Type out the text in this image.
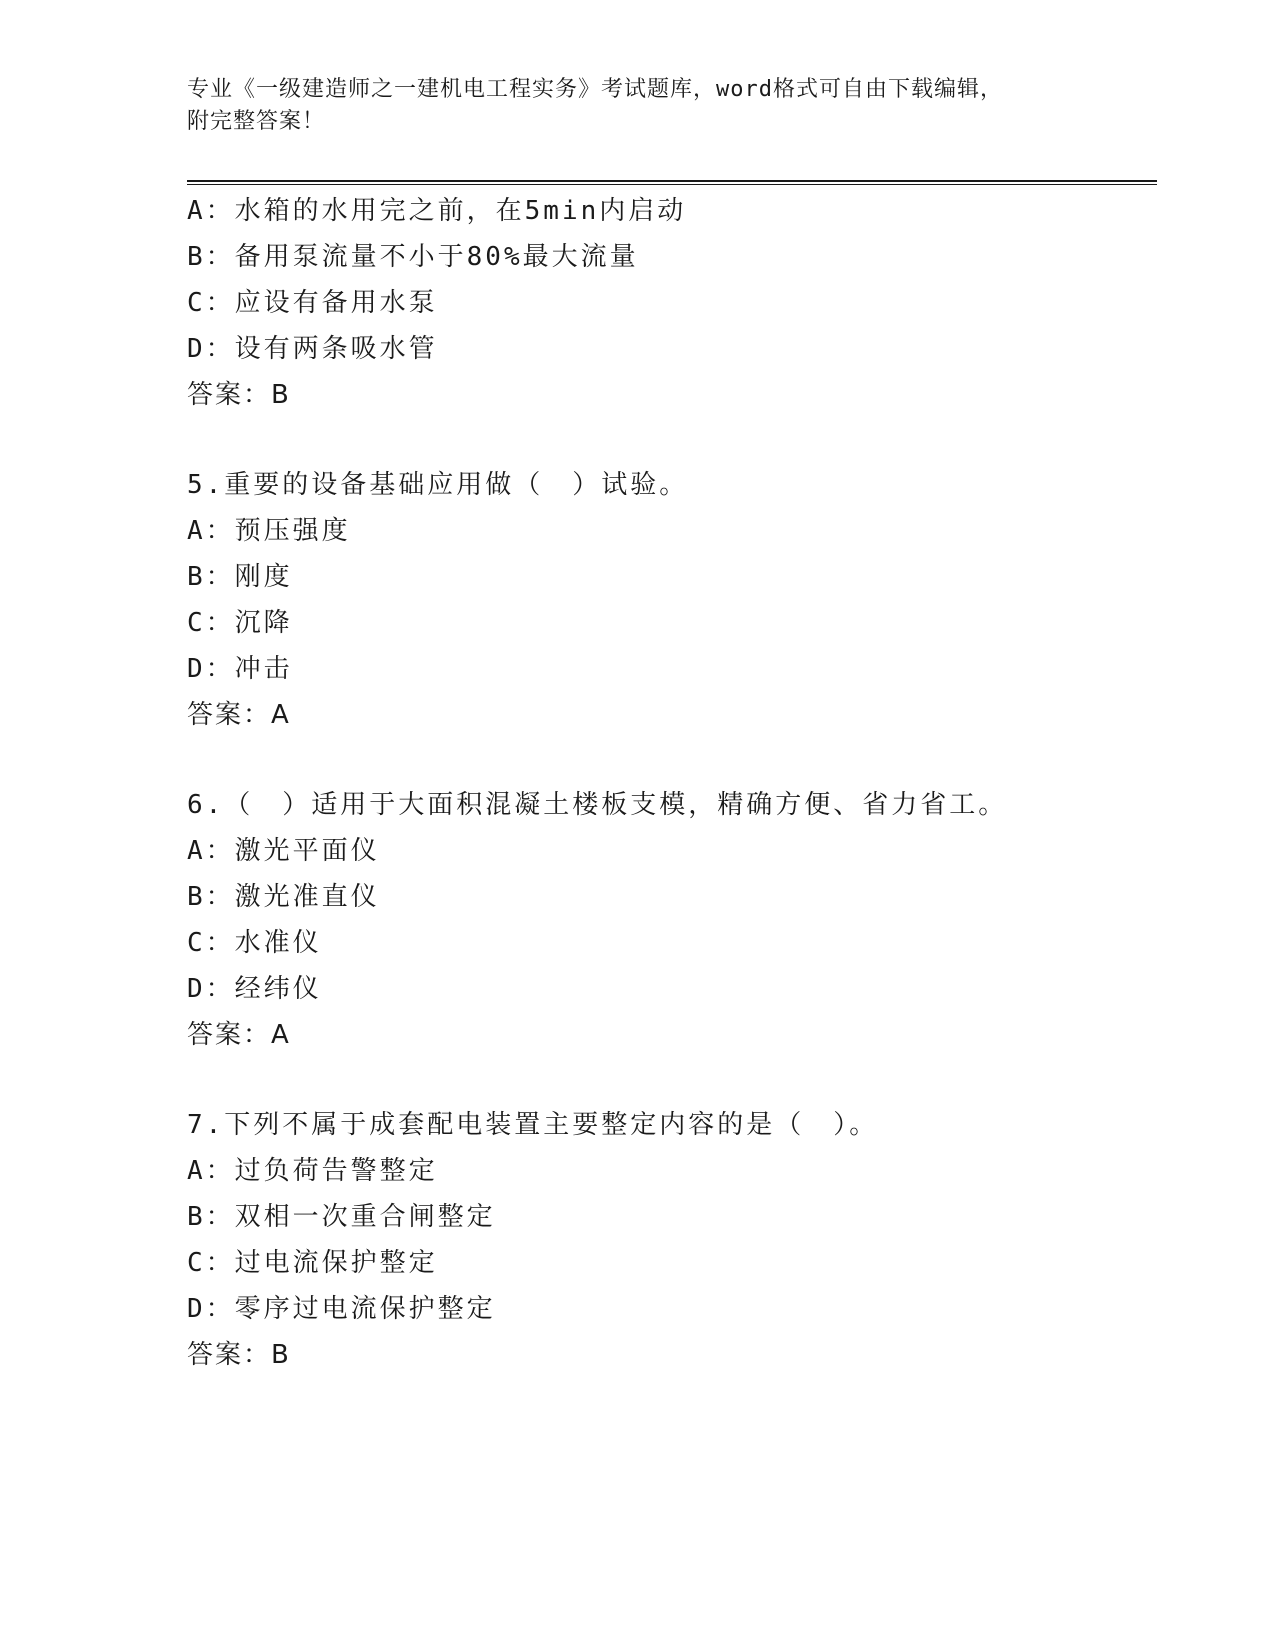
专业《一级建造师之一建机电工程实务》考试题库，word格式可自由下载编辑，
附完整答案！
A：水箱的水用完之前，在5min内启动
B：备用泵流量不小于80%最大流量
C：应设有备用水泵
D：设有两条吸水管
答案：B
5.重要的设备基础应用做（　）试验。
A：预压强度
B：刚度
C：沉降
D：冲击
答案：A
6.（　）适用于大面积混凝土楼板支模，精确方便、省力省工。
A：激光平面仪
B：激光准直仪
C：水准仪
D：经纬仪
答案：A
7.下列不属于成套配电装置主要整定内容的是（　）。
A：过负荷告警整定
B：双相一次重合闸整定
C：过电流保护整定
D：零序过电流保护整定
答案：B
